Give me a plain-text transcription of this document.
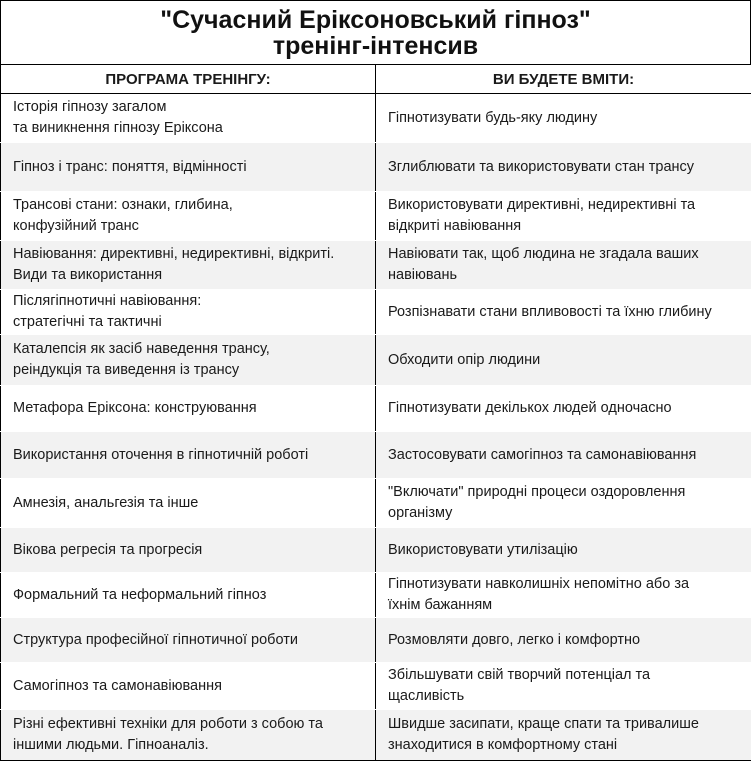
"Сучасний Еріксоновський гіпноз"
тренінг-інтенсив
ПРОГРАМА ТРЕНІНГУ:	ВИ БУДЕТЕ ВМІТИ:
Історія гіпнозу загалом
та виникнення гіпнозу Еріксона	Гіпнотизувати будь-яку людину
Гіпноз і транс: поняття, відмінності	Зглиблювати та використовувати стан трансу
Трансові стани: ознаки, глибина,
конфузійний транс	Використовувати директивні, недирективні та
відкриті навіювання
Навіювання: директивні, недирективні, відкриті.
Види та використання	Навіювати так, щоб людина не згадала ваших
навіювань
Післягіпнотичні навіювання:
стратегічні та тактичні	Розпізнавати стани впливовості та їхню глибину
Каталепсія як засіб наведення трансу,
реіндукція та виведення із трансу	Обходити опір людини
Метафора Еріксона: конструювання	Гіпнотизувати декількох людей одночасно
Використання оточення в гіпнотичній роботі	Застосовувати самогіпноз та самонавіювання
Амнезія, анальгезія та інше	"Включати" природні процеси оздоровлення
організму
Вікова регресія та прогресія	Використовувати утилізацію
Формальний та неформальний гіпноз	Гіпнотизувати навколишніх непомітно або за
їхнім бажанням
Структура професійної гіпнотичної роботи	Розмовляти довго, легко і комфортно
Самогіпноз та самонавіювання	Збільшувати свій творчий потенціал та
щасливість
Різні ефективні техніки для роботи з собою та
іншими людьми. Гіпноаналіз.	Швидше засипати, краще спати та тривалише
знаходитися в комфортному стані
